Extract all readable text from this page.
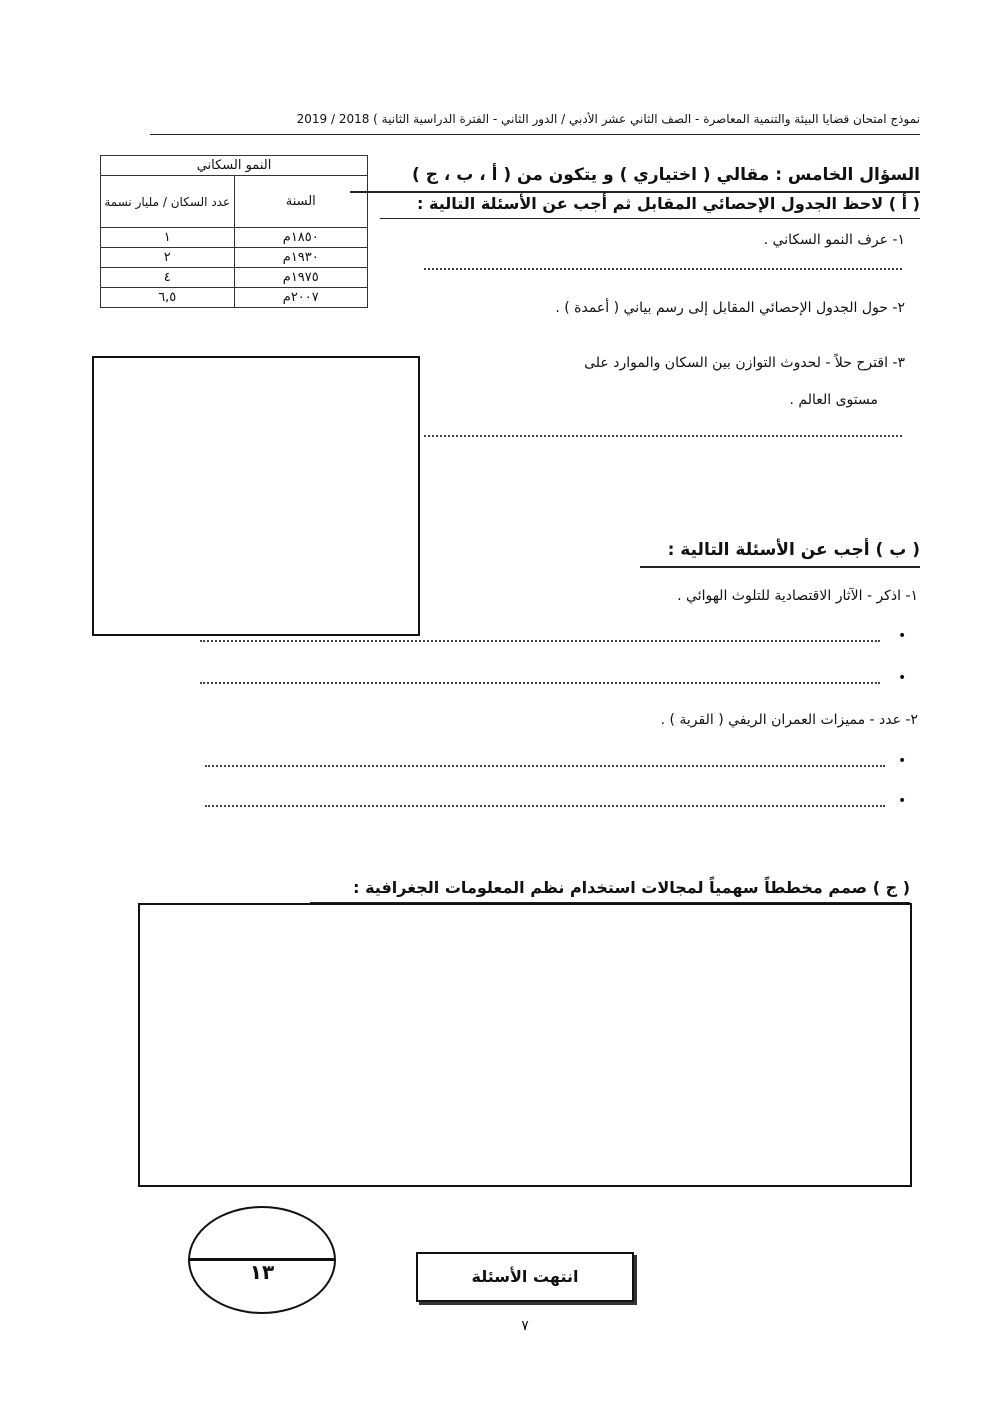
نموذج امتحان قضايا البيئة والتنمية المعاصرة - الصف الثاني عشر الأدبي / الدور الثاني - الفترة الدراسية الثانية ) 2018 / 2019
السؤال الخامس : مقالي ( اختياري ) و يتكون من ( أ ، ب ، ج )
( أ ) لاحظ الجدول الإحصائي المقابل ثم أجب عن الأسئلة التالية :
النمو السكاني	
السنة	عدد السكان / مليار نسمة
١٨٥٠م	١
١٩٣٠م	٢
١٩٧٥م	٤
٢٠٠٧م	٦,٥
١- عرف النمو السكاني .
٢- حول الجدول الإحصائي المقابل إلى رسم بياني ( أعمدة ) .
٣- اقترح حلاً - لحدوث التوازن بين السكان والموارد على
مستوى العالم .
( ب ) أجب عن الأسئلة التالية :
١- اذكر - الآثار الاقتصادية للتلوث الهوائي .
•
•
٢- عدد - مميزات العمران الريفي ( القرية ) .
•
•
( ج ) صمم مخططاً سهمياً لمجالات استخدام نظم المعلومات الجغرافية :
١٣	انتهت الأسئلة
٧
